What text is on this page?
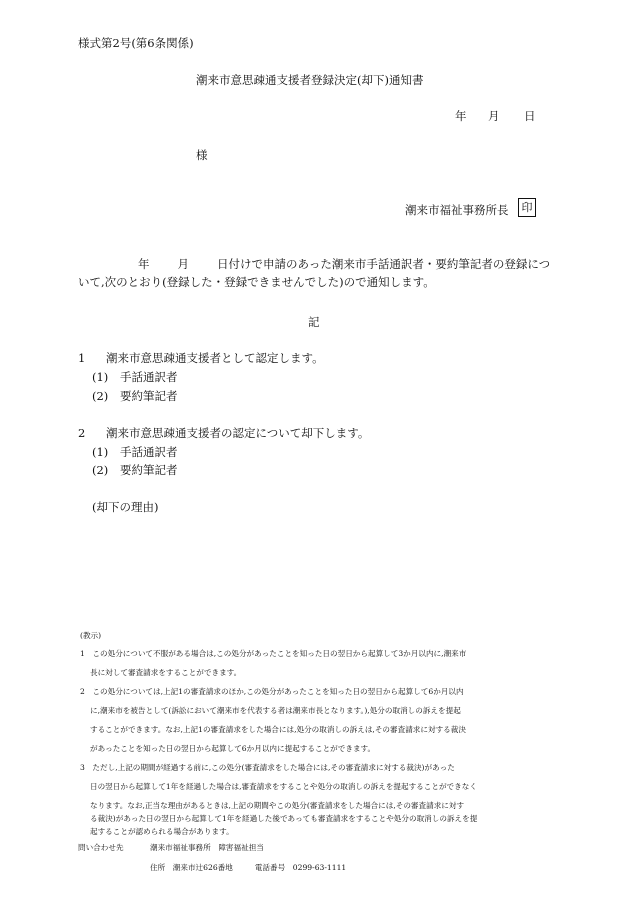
様式第2号(第6条関係)
潮来市意思疎通支援者登録決定(却下)通知書
年 月 日
様
潮来市福祉事務所長	印
年 月 日付けで申請のあった潮来市手話通訳者・要約筆記者の登録につ
いて,次のとおり(登録した・登録できませんでした)ので通知します。
記
1 潮来市意思疎通支援者として認定します。
(1) 手話通訳者
(2) 要約筆記者
2 潮来市意思疎通支援者の認定について却下します。
(1) 手話通訳者
(2) 要約筆記者
(却下の理由)
(教示)
1　この処分について不服がある場合は,この処分があったことを知った日の翌日から起算して3か月以内に,潮来市
長に対して審査請求をすることができます。
2　この処分については,上記1の審査請求のほか,この処分があったことを知った日の翌日から起算して6か月以内
に,潮来市を被告として(訴訟において潮来市を代表する者は潮来市長となります。),処分の取消しの訴えを提起
することができます。なお,上記1の審査請求をした場合には,処分の取消しの訴えは,その審査請求に対する裁決
があったことを知った日の翌日から起算して6か月以内に提起することができます。
3　ただし,上記の期間が経過する前に,この処分(審査請求をした場合には,その審査請求に対する裁決)があった
日の翌日から起算して1年を経過した場合は,審査請求をすることや処分の取消しの訴えを提起することができなく
なります。なお,正当な理由があるときは,上記の期間やこの処分(審査請求をした場合には,その審査請求に対す
る裁決)があった日の翌日から起算して1年を経過した後であっても審査請求をすることや処分の取消しの訴えを提
問い合わせ先	潮来市福祉事務所　障害福祉担当
住所　潮来市辻626番地	電話番号　0299-63-1111
起することが認められる場合があります。
